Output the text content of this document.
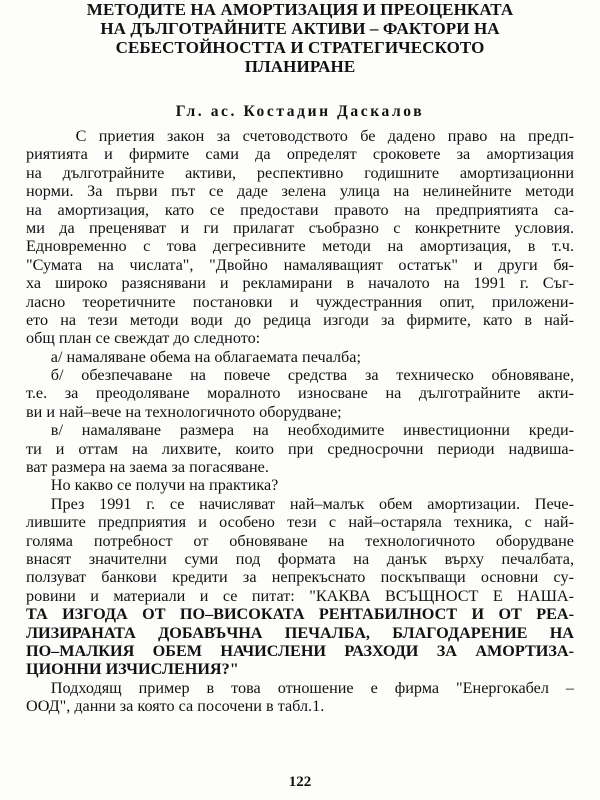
МЕТОДИТЕ НА АМОРТИЗАЦИЯ И ПРЕОЦЕНКАТА
НА ДЪЛГОТРАЙНИТЕ АКТИВИ – ФАКТОРИ НА
СЕБЕСТОЙНОСТТА И СТРАТЕГИЧЕСКОТО
ПЛАНИРАНЕ
Гл. ас. Костадин Даскалов
С приетия закон за счетоводството бе дадено право на предп-
риятията и фирмите сами да определят сроковете за амортизация
на дълготрайните активи, респективно годишните амортизационни
норми. За първи път се даде зелена улица на нелинейните методи
на амортизация, като се предостави правото на предприятията са-
ми да преценяват и ги прилагат съобразно с конкретните условия.
Едновременно с това дегресивните методи на амортизация, в т.ч.
"Сумата на числата", "Двойно намаляващият остатък" и други бя-
ха широко разяснявани и рекламирани в началото на 1991 г. Съг-
ласно теоретичните постановки и чуждестранния опит, приложени-
ето на тези методи води до редица изгоди за фирмите, като в най-
общ план се свеждат до следното:
а/ намаляване обема на облагаемата печалба;
б/ обезпечаване на повече средства за техническо обновяване,
т.е. за преодоляване моралното износване на дълготрайните акти-
ви и най–вече на технологичното оборудване;
в/ намаляване размера на необходимите инвестиционни креди-
ти и оттам на лихвите, които при средносрочни периоди надвиша-
ват размера на заема за погасяване.
Но какво се получи на практика?
През 1991 г. се начисляват най–малък обем амортизации. Пече-
лившите предприятия и особено тези с най–остаряла техника, с най-
голяма потребност от обновяване на технологичното оборудване
внасят значителни суми под формата на данък върху печалбата,
ползуват банкови кредити за непрекъснато поскъпващи основни су-
ровини и материали и се питат: "КАКВА ВСЪЩНОСТ Е НАША-
ТА ИЗГОДА ОТ ПО–ВИСОКАТА РЕНТАБИЛНОСТ И ОТ РЕА-
ЛИЗИРАНАТА ДОБАВЪЧНА ПЕЧАЛБА, БЛАГОДАРЕНИЕ НА
ПО–МАЛКИЯ ОБЕМ НАЧИСЛЕНИ РАЗХОДИ ЗА АМОРТИЗА-
ЦИОННИ ИЗЧИСЛЕНИЯ?"
Подходящ пример в това отношение е фирма "Енергокабел –
ООД", данни за която са посочени в табл.1.
122
